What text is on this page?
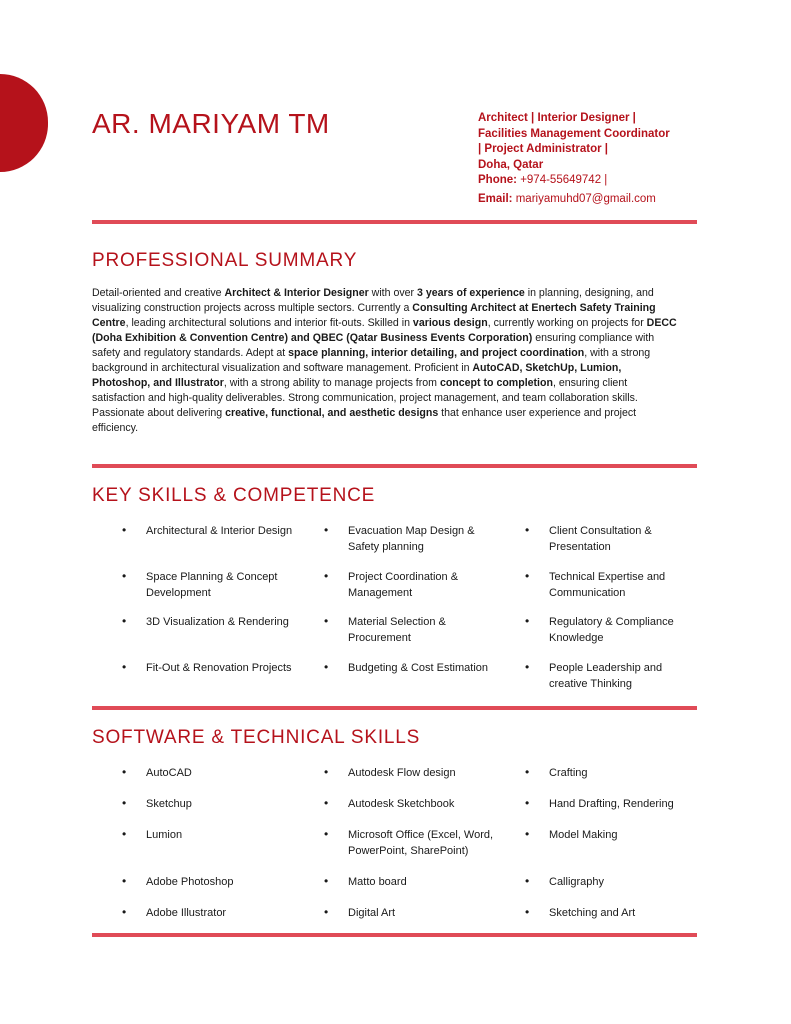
AR. MARIYAM TM	Architect | Interior Designer |
Facilities Management Coordinator
| Project Administrator |
Doha, Qatar
Phone: +974-55649742 |
Email: mariyamuhd07@gmail.com
PROFESSIONAL SUMMARY
Detail-oriented and creative Architect & Interior Designer with over 3 years of experience in planning, designing, and visualizing construction projects across multiple sectors. Currently a Consulting Architect at Enertech Safety Training Centre, leading architectural solutions and interior fit-outs. Skilled in various design, currently working on projects for DECC (Doha Exhibition & Convention Centre) and QBEC (Qatar Business Events Corporation) ensuring compliance with safety and regulatory standards. Adept at space planning, interior detailing, and project coordination, with a strong background in architectural visualization and software management. Proficient in AutoCAD, SketchUp, Lumion, Photoshop, and Illustrator, with a strong ability to manage projects from concept to completion, ensuring client satisfaction and high-quality deliverables. Strong communication, project management, and team collaboration skills. Passionate about delivering creative, functional, and aesthetic designs that enhance user experience and project efficiency.
KEY SKILLS & COMPETENCE
• Architectural & Interior Design	• Evacuation Map Design & Safety planning
• Client Consultation & Presentation
• Space Planning & Concept Development
• Project Coordination & Management
• Technical Expertise and Communication
• 3D Visualization & Rendering	• Material Selection & Procurement
• Regulatory & Compliance Knowledge
• Fit-Out & Renovation Projects	• Budgeting & Cost Estimation	• People Leadership and creative Thinking
SOFTWARE & TECHNICAL SKILLS
• AutoCAD	• Autodesk Flow design	• Crafting
• Sketchup	• Autodesk Sketchbook	• Hand Drafting, Rendering
• Lumion	• Microsoft Office (Excel, Word, PowerPoint, SharePoint)
• Model Making
• Adobe Photoshop	• Matto board	• Calligraphy
• Adobe Illustrator	• Digital Art	• Sketching and Art
